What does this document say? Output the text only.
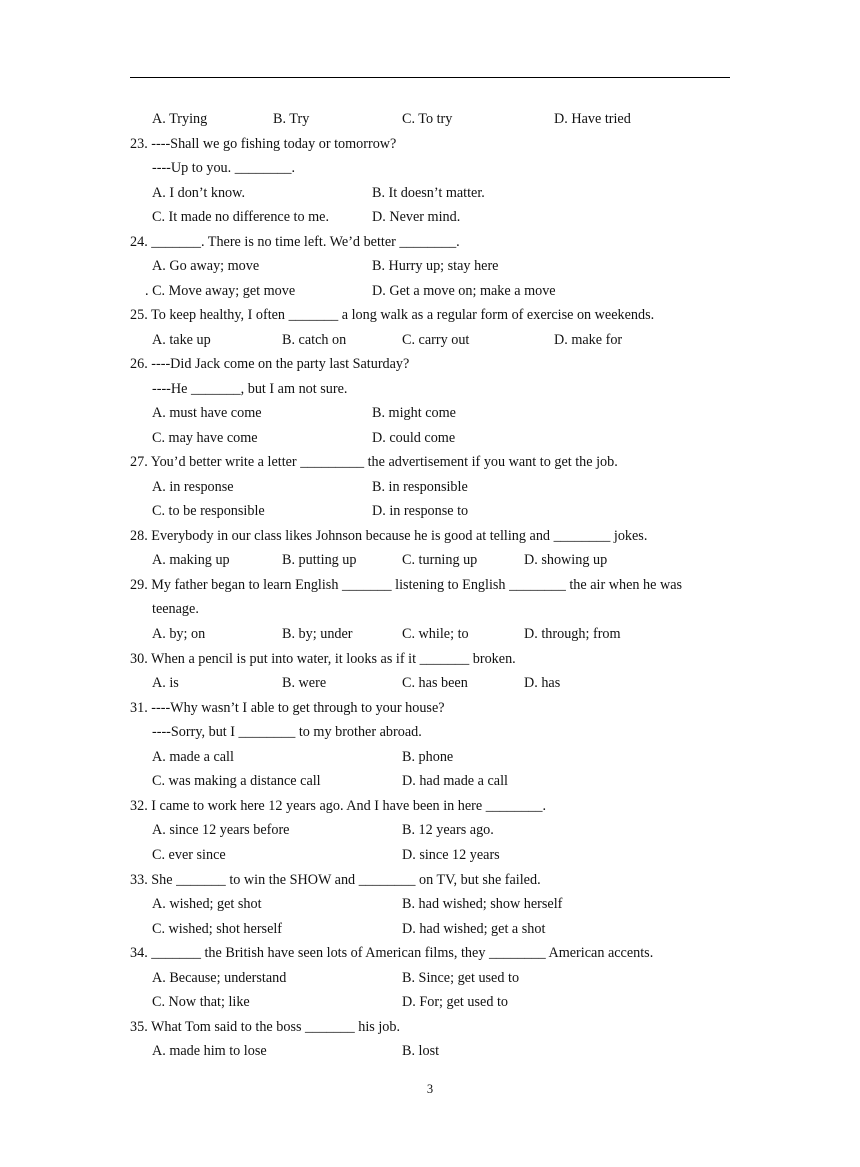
A. Trying	B. Try	C. To try	D. Have tried
23. ----Shall we go fishing today or tomorrow?
----Up to you. ________.
A. I don’t know.	B. It doesn’t matter.
C. It made no difference to me.	D. Never mind.
24. _______. There is no time left. We’d better ________.
A. Go away; move	B. Hurry up; stay here
. C. Move away; get move	D. Get a move on; make a move
25. To keep healthy, I often _______ a long walk as a regular form of exercise on weekends.
A. take up	B. catch on	C. carry out	D. make for
26. ----Did Jack come on the party last Saturday?
----He _______, but I am not sure.
A. must have come	B. might come
C. may have come	D. could come
27. You’d better write a letter _________ the advertisement if you want to get the job.
A. in response	B. in responsible
C. to be responsible	D. in response to
28. Everybody in our class likes Johnson because he is good at telling and ________ jokes.
A. making up	B. putting up	C. turning up	D. showing up
29. My father began to learn English _______ listening to English ________ the air when he was
teenage.
A. by; on	B. by; under	C. while; to	D. through; from
30. When a pencil is put into water, it looks as if it _______ broken.
A. is	B. were	C. has been	D. has
31. ----Why wasn’t I able to get through to your house?
----Sorry, but I ________ to my brother abroad.
A. made a call	B. phone
C. was making a distance call	D. had made a call
32. I came to work here 12 years ago. And I have been in here ________.
A. since 12 years before	B. 12 years ago.
C. ever since	D. since 12 years
33. She _______ to win the SHOW and ________ on TV, but she failed.
A. wished; get shot	B. had wished; show herself
C. wished; shot herself	D. had wished; get a shot
34. _______ the British have seen lots of American films, they ________ American accents.
A. Because; understand	B. Since; get used to
C. Now that; like	D. For; get used to
35. What Tom said to the boss _______ his job.
A. made him to lose	B. lost
3
